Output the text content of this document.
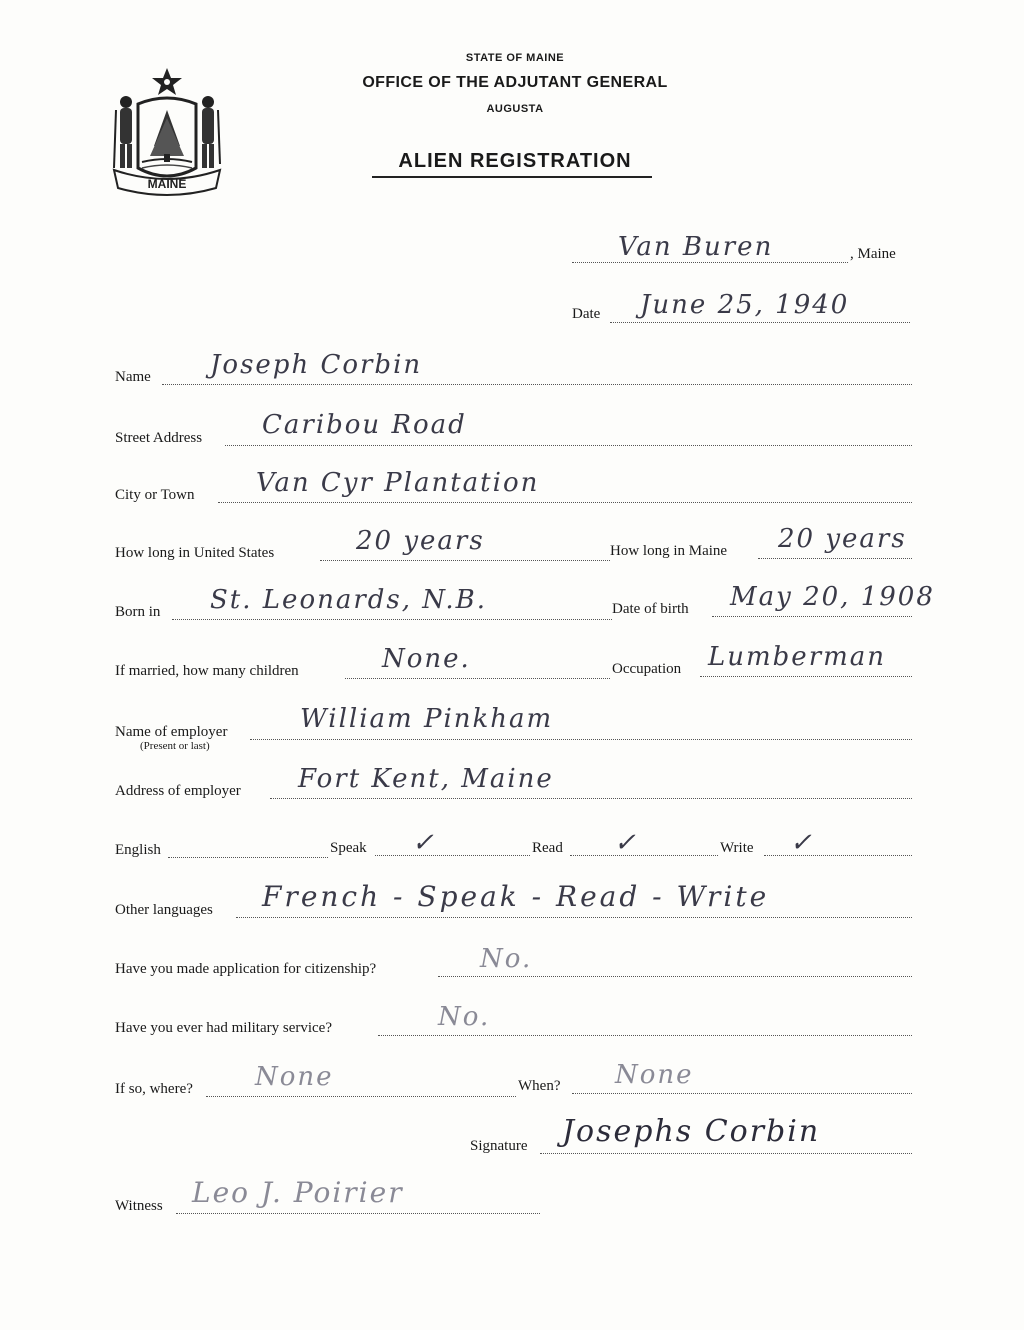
MAINE
STATE OF MAINE
OFFICE OF THE ADJUTANT GENERAL
AUGUSTA
ALIEN REGISTRATION
Van Buren	, Maine
Date June 25, 1940
Name Joseph Corbin
Street Address Caribou Road
City or Town Van Cyr Plantation
How long in United States	20 years	How long in Maine 20 years
Born in St. Leonards, N.B.	Date of birth May 20, 1908
If married, how many children	None.	Occupation Lumberman
Name of employer
(Present or last)
William Pinkham
Address of employer Fort Kent, Maine
English	Speak ✓	Read ✓	Write ✓
Other languages French - Speak - Read - Write
Have you made application for citizenship?	No.
Have you ever had military service?	No.
If so, where? None	When? None
Signature Josephs Corbin
Witness Leo J. Poirier
